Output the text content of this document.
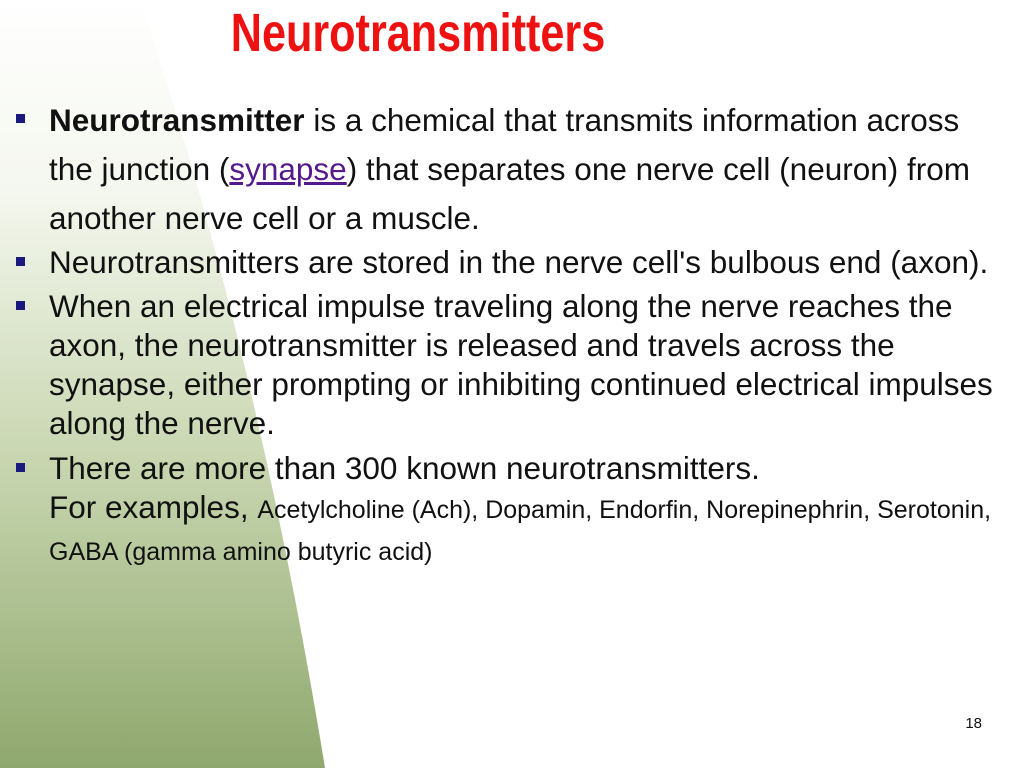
Neurotransmitters
Neurotransmitter is a chemical that transmits information across the junction (synapse) that separates one nerve cell (neuron) from another nerve cell or a muscle.
Neurotransmitters are stored in the nerve cell's bulbous end (axon).
When an electrical impulse traveling along the nerve reaches the axon, the neurotransmitter is released and travels across the synapse, either prompting or inhibiting continued electrical impulses along the nerve.
There are more than 300 known neurotransmitters.
For examples, Acetylcholine (Ach), Dopamin, Endorfin, Norepinephrin, Serotonin, GABA (gamma amino butyric acid)
18
